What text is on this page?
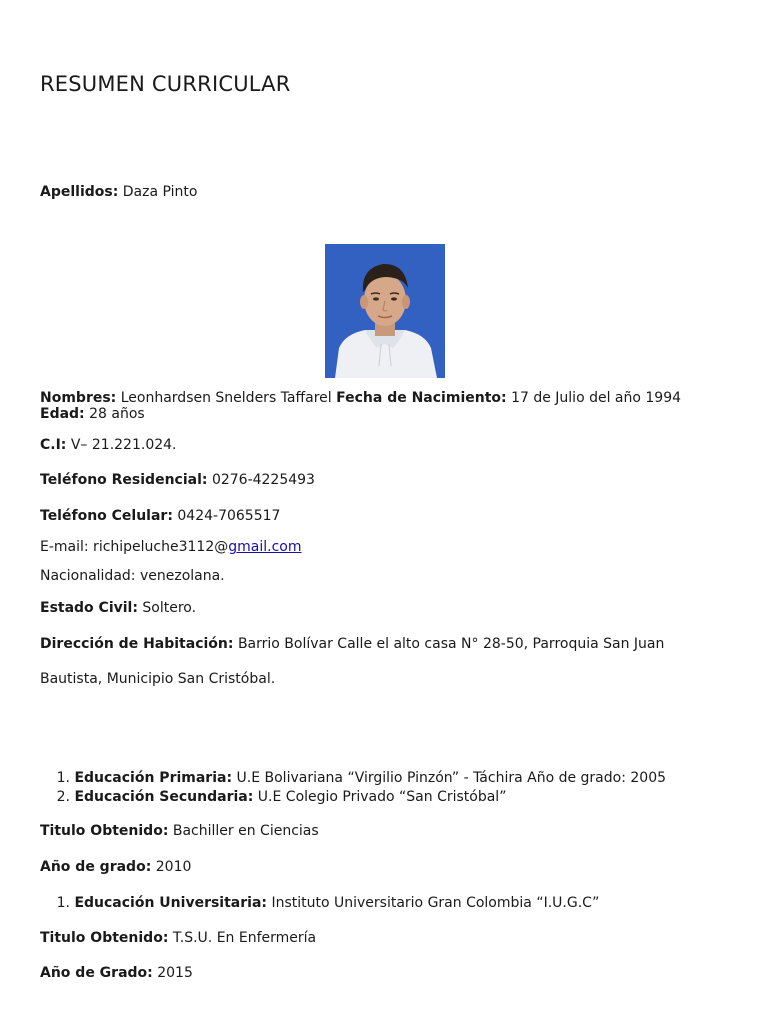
RESUMEN CURRICULAR
Apellidos: Daza Pinto
Nombres: Leonhardsen Snelders Taffarel Fecha de Nacimiento: 17 de Julio del año 1994 Edad: 28 años
C.I: V– 21.221.024.
Teléfono Residencial: 0276-4225493
Teléfono Celular: 0424-7065517
E-mail: richipeluche3112@gmail.com
Nacionalidad: venezolana.
Estado Civil: Soltero.
Dirección de Habitación: Barrio Bolívar Calle el alto casa N° 28-50, Parroquia San Juan
Bautista, Municipio San Cristóbal.
1. Educación Primaria: U.E Bolivariana “Virgilio Pinzón” - Táchira Año de grado: 2005
2. Educación Secundaria: U.E Colegio Privado “San Cristóbal”
Titulo Obtenido: Bachiller en Ciencias
Año de grado: 2010
1. Educación Universitaria: Instituto Universitario Gran Colombia “I.U.G.C”
Titulo Obtenido: T.S.U. En Enfermería
Año de Grado: 2015
